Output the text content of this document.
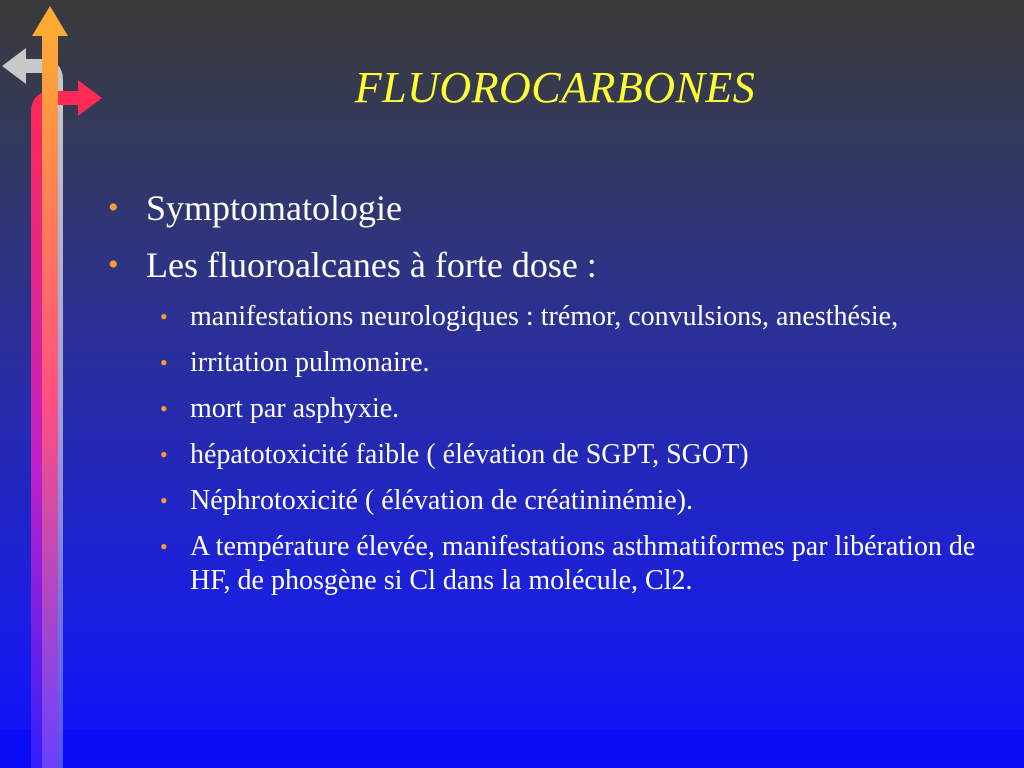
FLUOROCARBONES
• Symptomatologie
• Les fluoroalcanes à forte dose :
• manifestations neurologiques : trémor, convulsions, anesthésie,
• irritation pulmonaire.
• mort par asphyxie.
• hépatotoxicité faible ( élévation de SGPT, SGOT)
• Néphrotoxicité ( élévation de créatininémie).
• A température élevée, manifestations asthmatiformes par libération de HF, de phosgène si Cl dans la molécule, Cl2.
